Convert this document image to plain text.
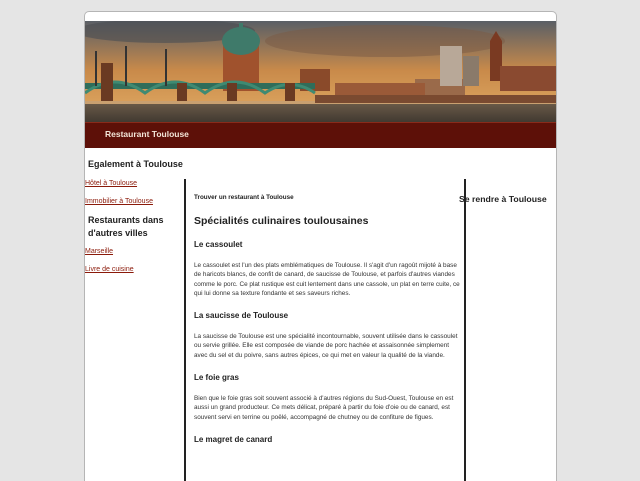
Restaurant Toulouse
Egalement à Toulouse
Hôtel à Toulouse
Immobilier à Toulouse
Restaurants dans d'autres villes
Marseille
Livre de cuisine
Trouver un restaurant à Toulouse
Spécialités culinaires toulousaines
Le cassoulet

Le cassoulet est l'un des plats emblématiques de Toulouse. Il s'agit d'un ragoût mijoté à base de haricots blancs, de confit de canard, de saucisse de Toulouse, et parfois d'autres viandes comme le porc. Ce plat rustique est cuit lentement dans une cassole, un plat en terre cuite, ce qui lui donne sa texture fondante et ses saveurs riches.

La saucisse de Toulouse

La saucisse de Toulouse est une spécialité incontournable, souvent utilisée dans le cassoulet ou servie grillée. Elle est composée de viande de porc hachée et assaisonnée simplement avec du sel et du poivre, sans autres épices, ce qui met en valeur la qualité de la viande.

Le foie gras

Bien que le foie gras soit souvent associé à d'autres régions du Sud-Ouest, Toulouse en est aussi un grand producteur. Ce mets délicat, préparé à partir du foie d'oie ou de canard, est souvent servi en terrine ou poêlé, accompagné de chutney ou de confiture de figues.

Le magret de canard
Se rendre à Toulouse
